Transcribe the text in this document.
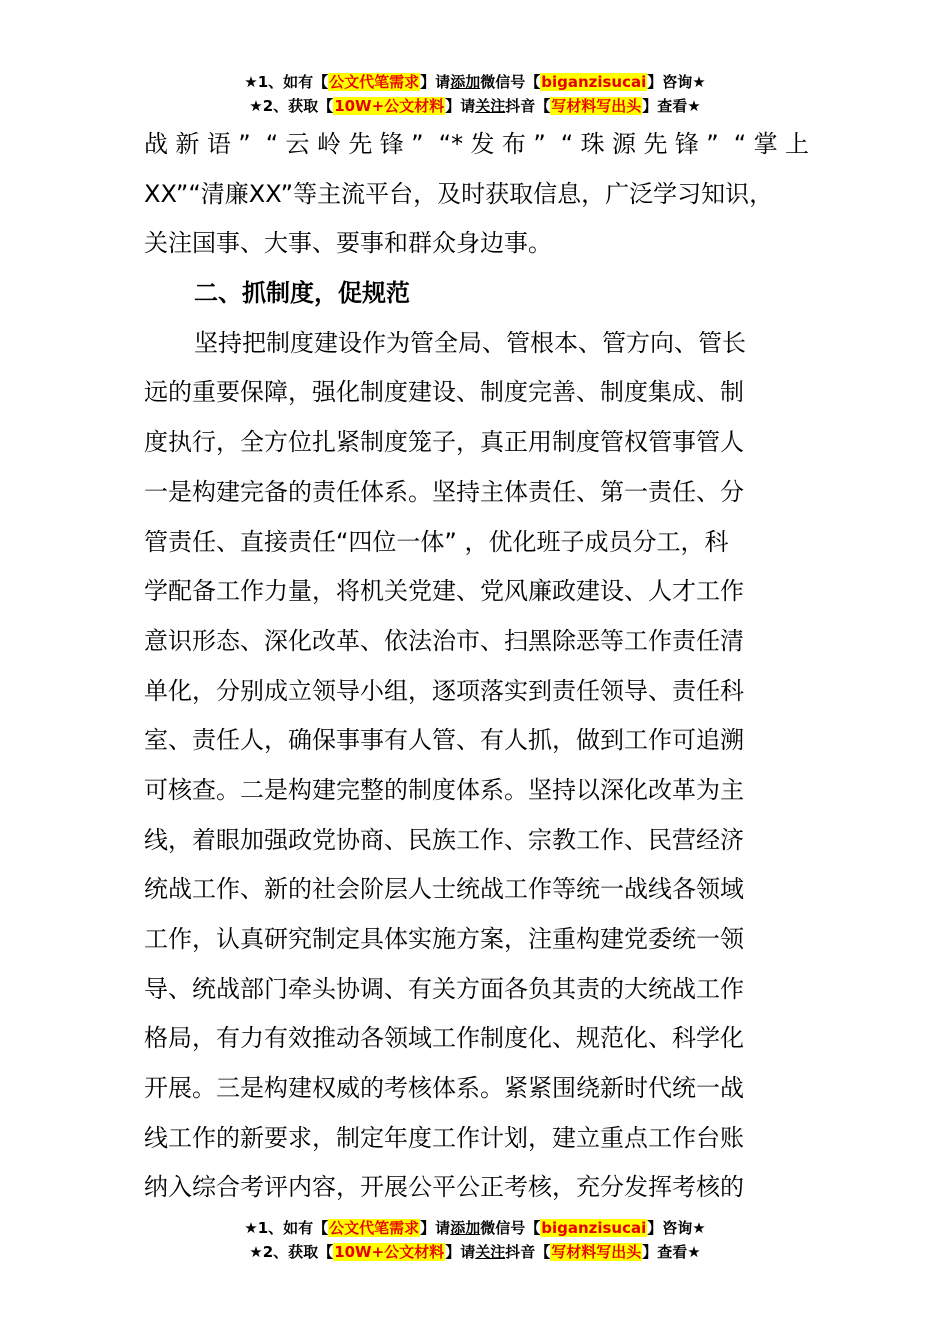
★1、如有【公文代笔需求】请添加微信号【biganzisucai】咨询★
★2、获取【10W+公文材料】请关注抖音【写材料写出头】查看★
战新语” “云岭先锋” “*发布” “珠源先锋” “掌上
XX”“清廉XX”等主流平台，及时获取信息，广泛学习知识，
关注国事、大事、要事和群众身边事。
二、抓制度，促规范
坚持把制度建设作为管全局、管根本、管方向、管长
远的重要保障，强化制度建设、制度完善、制度集成、制
度执行，全方位扎紧制度笼子，真正用制度管权管事管人
一是构建完备的责任体系。坚持主体责任、第一责任、分
管责任、直接责任“四位一体” ，优化班子成员分工，科
学配备工作力量，将机关党建、党风廉政建设、人才工作
意识形态、深化改革、依法治市、扫黑除恶等工作责任清
单化，分别成立领导小组，逐项落实到责任领导、责任科
室、责任人，确保事事有人管、有人抓，做到工作可追溯
可核查。二是构建完整的制度体系。坚持以深化改革为主
线，着眼加强政党协商、民族工作、宗教工作、民营经济
统战工作、新的社会阶层人士统战工作等统一战线各领域
工作，认真研究制定具体实施方案，注重构建党委统一领
导、统战部门牵头协调、有关方面各负其责的大统战工作
格局，有力有效推动各领域工作制度化、规范化、科学化
开展。三是构建权威的考核体系。紧紧围绕新时代统一战
线工作的新要求，制定年度工作计划，建立重点工作台账
纳入综合考评内容，开展公平公正考核，充分发挥考核的
★1、如有【公文代笔需求】请添加微信号【biganzisucai】咨询★
★2、获取【10W+公文材料】请关注抖音【写材料写出头】查看★
